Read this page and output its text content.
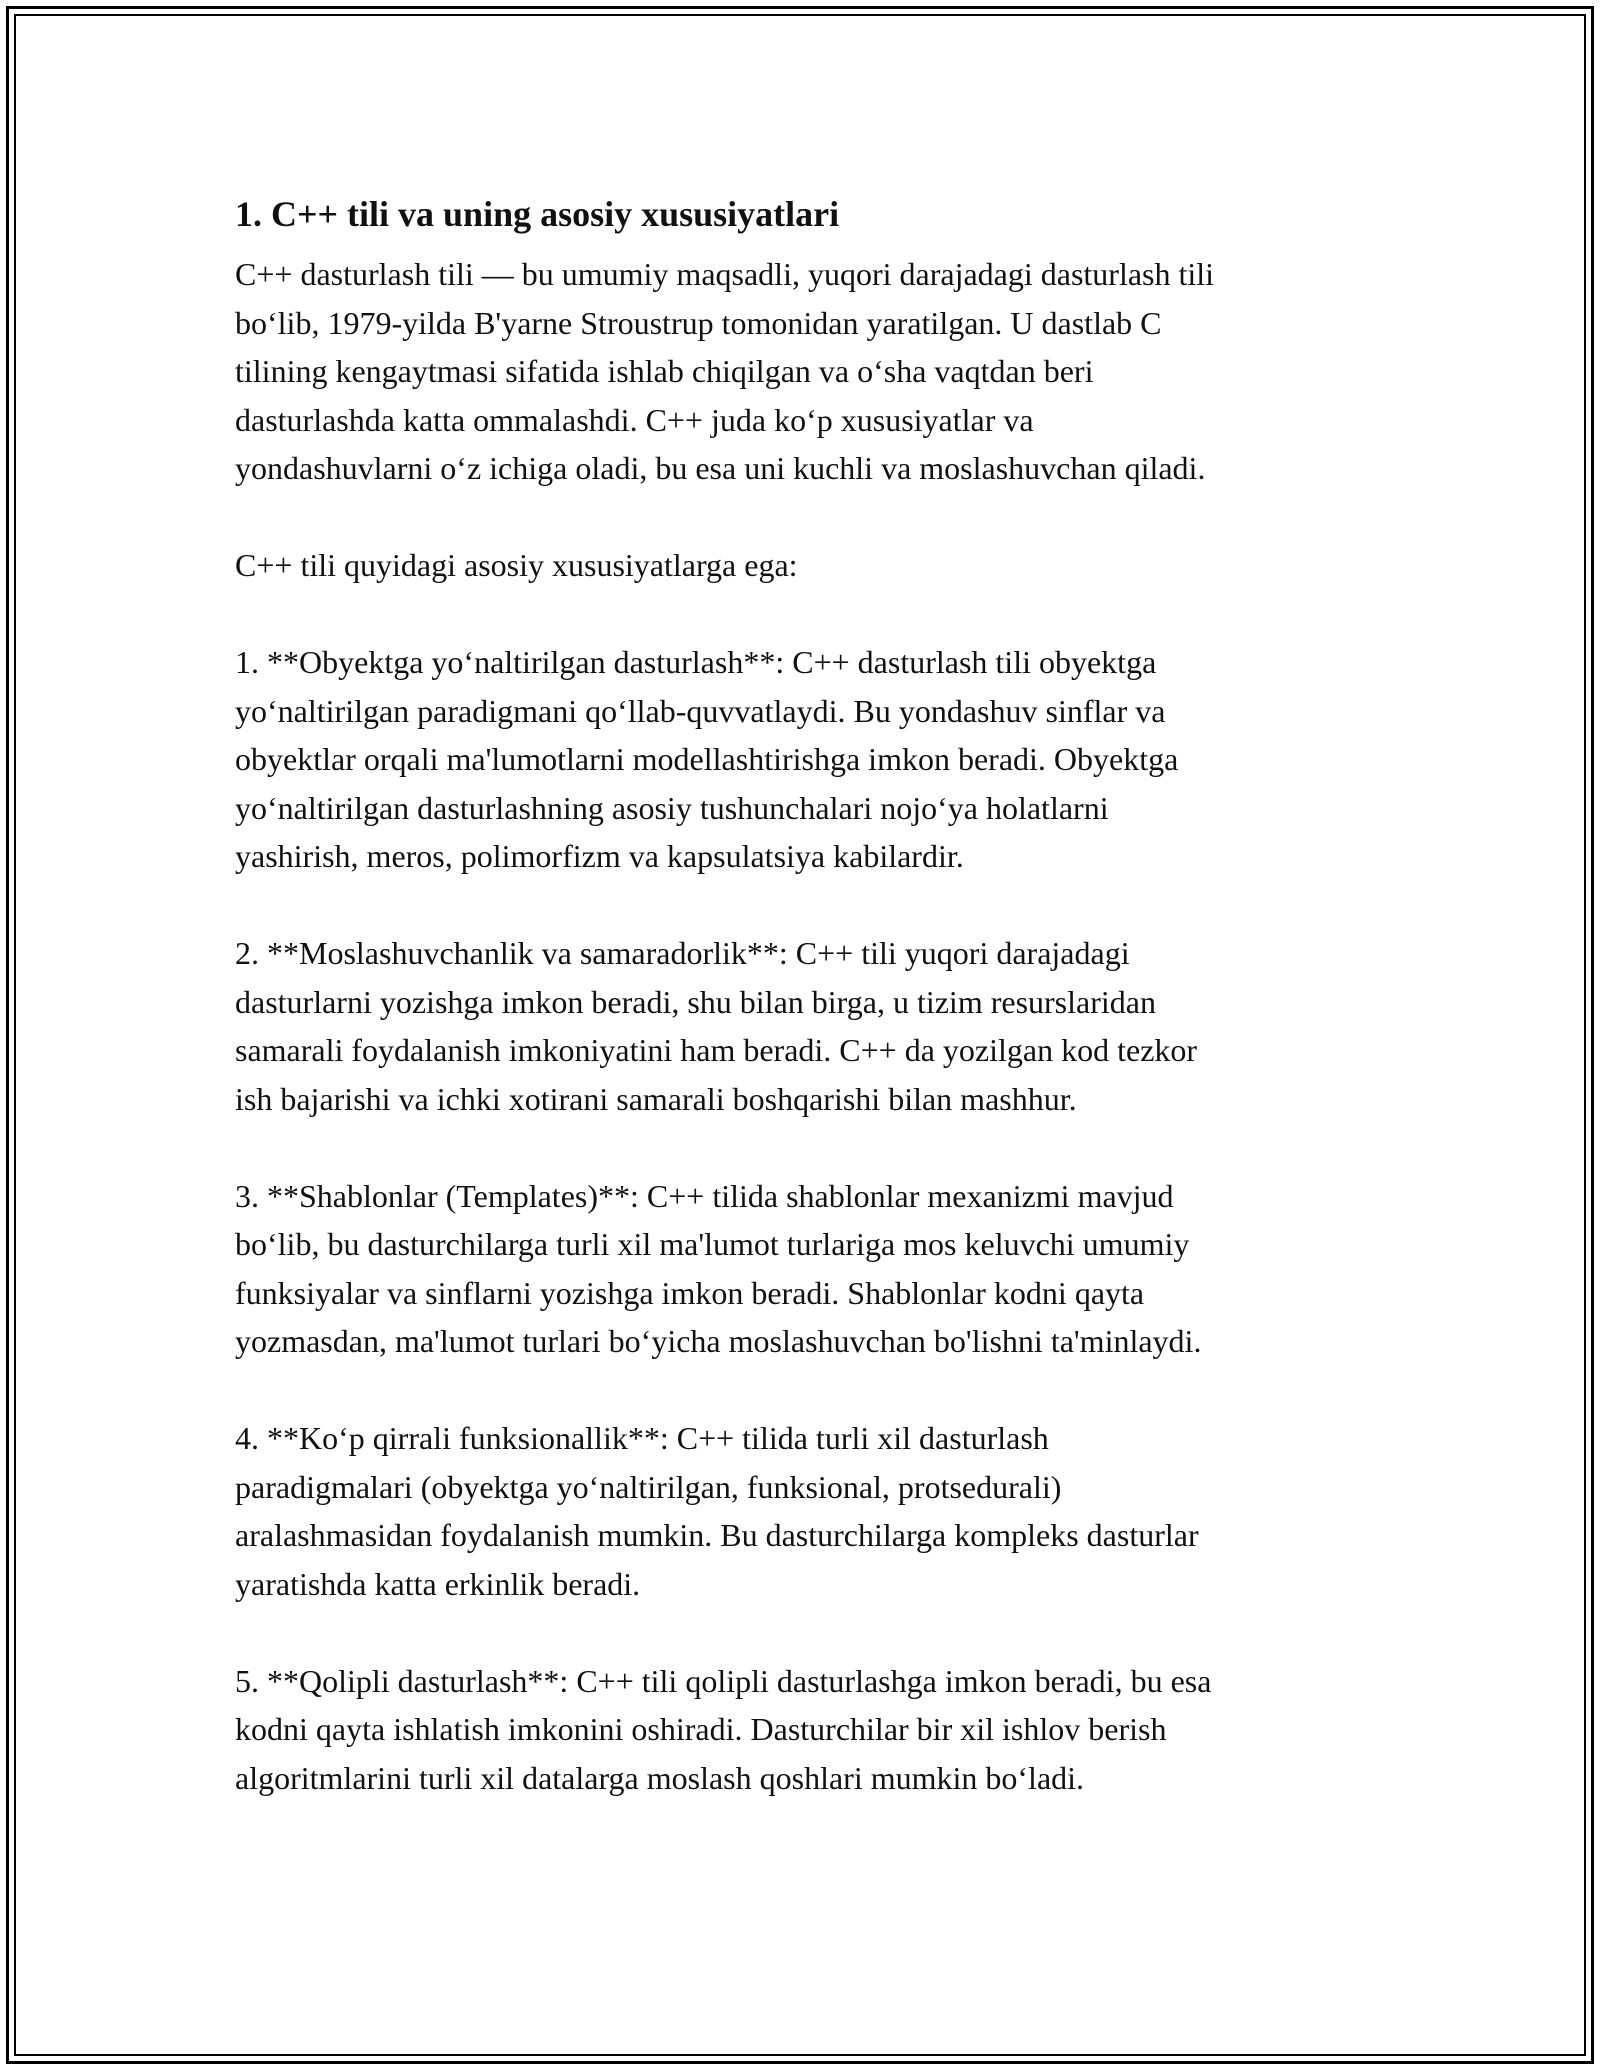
1. C++ tili va uning asosiy xususiyatlari
C++ dasturlash tili — bu umumiy maqsadli, yuqori darajadagi dasturlash tili
bo‘lib, 1979-yilda B'yarne Stroustrup tomonidan yaratilgan. U dastlab C
tilining kengaytmasi sifatida ishlab chiqilgan va o‘sha vaqtdan beri
dasturlashda katta ommalashdi. C++ juda ko‘p xususiyatlar va
yondashuvlarni o‘z ichiga oladi, bu esa uni kuchli va moslashuvchan qiladi.
C++ tili quyidagi asosiy xususiyatlarga ega:
1. **Obyektga yo‘naltirilgan dasturlash**: C++ dasturlash tili obyektga
yo‘naltirilgan paradigmani qo‘llab-quvvatlaydi. Bu yondashuv sinflar va
obyektlar orqali ma'lumotlarni modellashtirishga imkon beradi. Obyektga
yo‘naltirilgan dasturlashning asosiy tushunchalari nojo‘ya holatlarni
yashirish, meros, polimorfizm va kapsulatsiya kabilardir.
2. **Moslashuvchanlik va samaradorlik**: C++ tili yuqori darajadagi
dasturlarni yozishga imkon beradi, shu bilan birga, u tizim resurslaridan
samarali foydalanish imkoniyatini ham beradi. C++ da yozilgan kod tezkor
ish bajarishi va ichki xotirani samarali boshqarishi bilan mashhur.
3. **Shablonlar (Templates)**: C++ tilida shablonlar mexanizmi mavjud
bo‘lib, bu dasturchilarga turli xil ma'lumot turlariga mos keluvchi umumiy
funksiyalar va sinflarni yozishga imkon beradi. Shablonlar kodni qayta
yozmasdan, ma'lumot turlari bo‘yicha moslashuvchan bo'lishni ta'minlaydi.
4. **Ko‘p qirrali funksionallik**: C++ tilida turli xil dasturlash
paradigmalari (obyektga yo‘naltirilgan, funksional, protsedurali)
aralashmasidan foydalanish mumkin. Bu dasturchilarga kompleks dasturlar
yaratishda katta erkinlik beradi.
5. **Qolipli dasturlash**: C++ tili qolipli dasturlashga imkon beradi, bu esa
kodni qayta ishlatish imkonini oshiradi. Dasturchilar bir xil ishlov berish
algoritmlarini turli xil datalarga moslash qoshlari mumkin bo‘ladi.
